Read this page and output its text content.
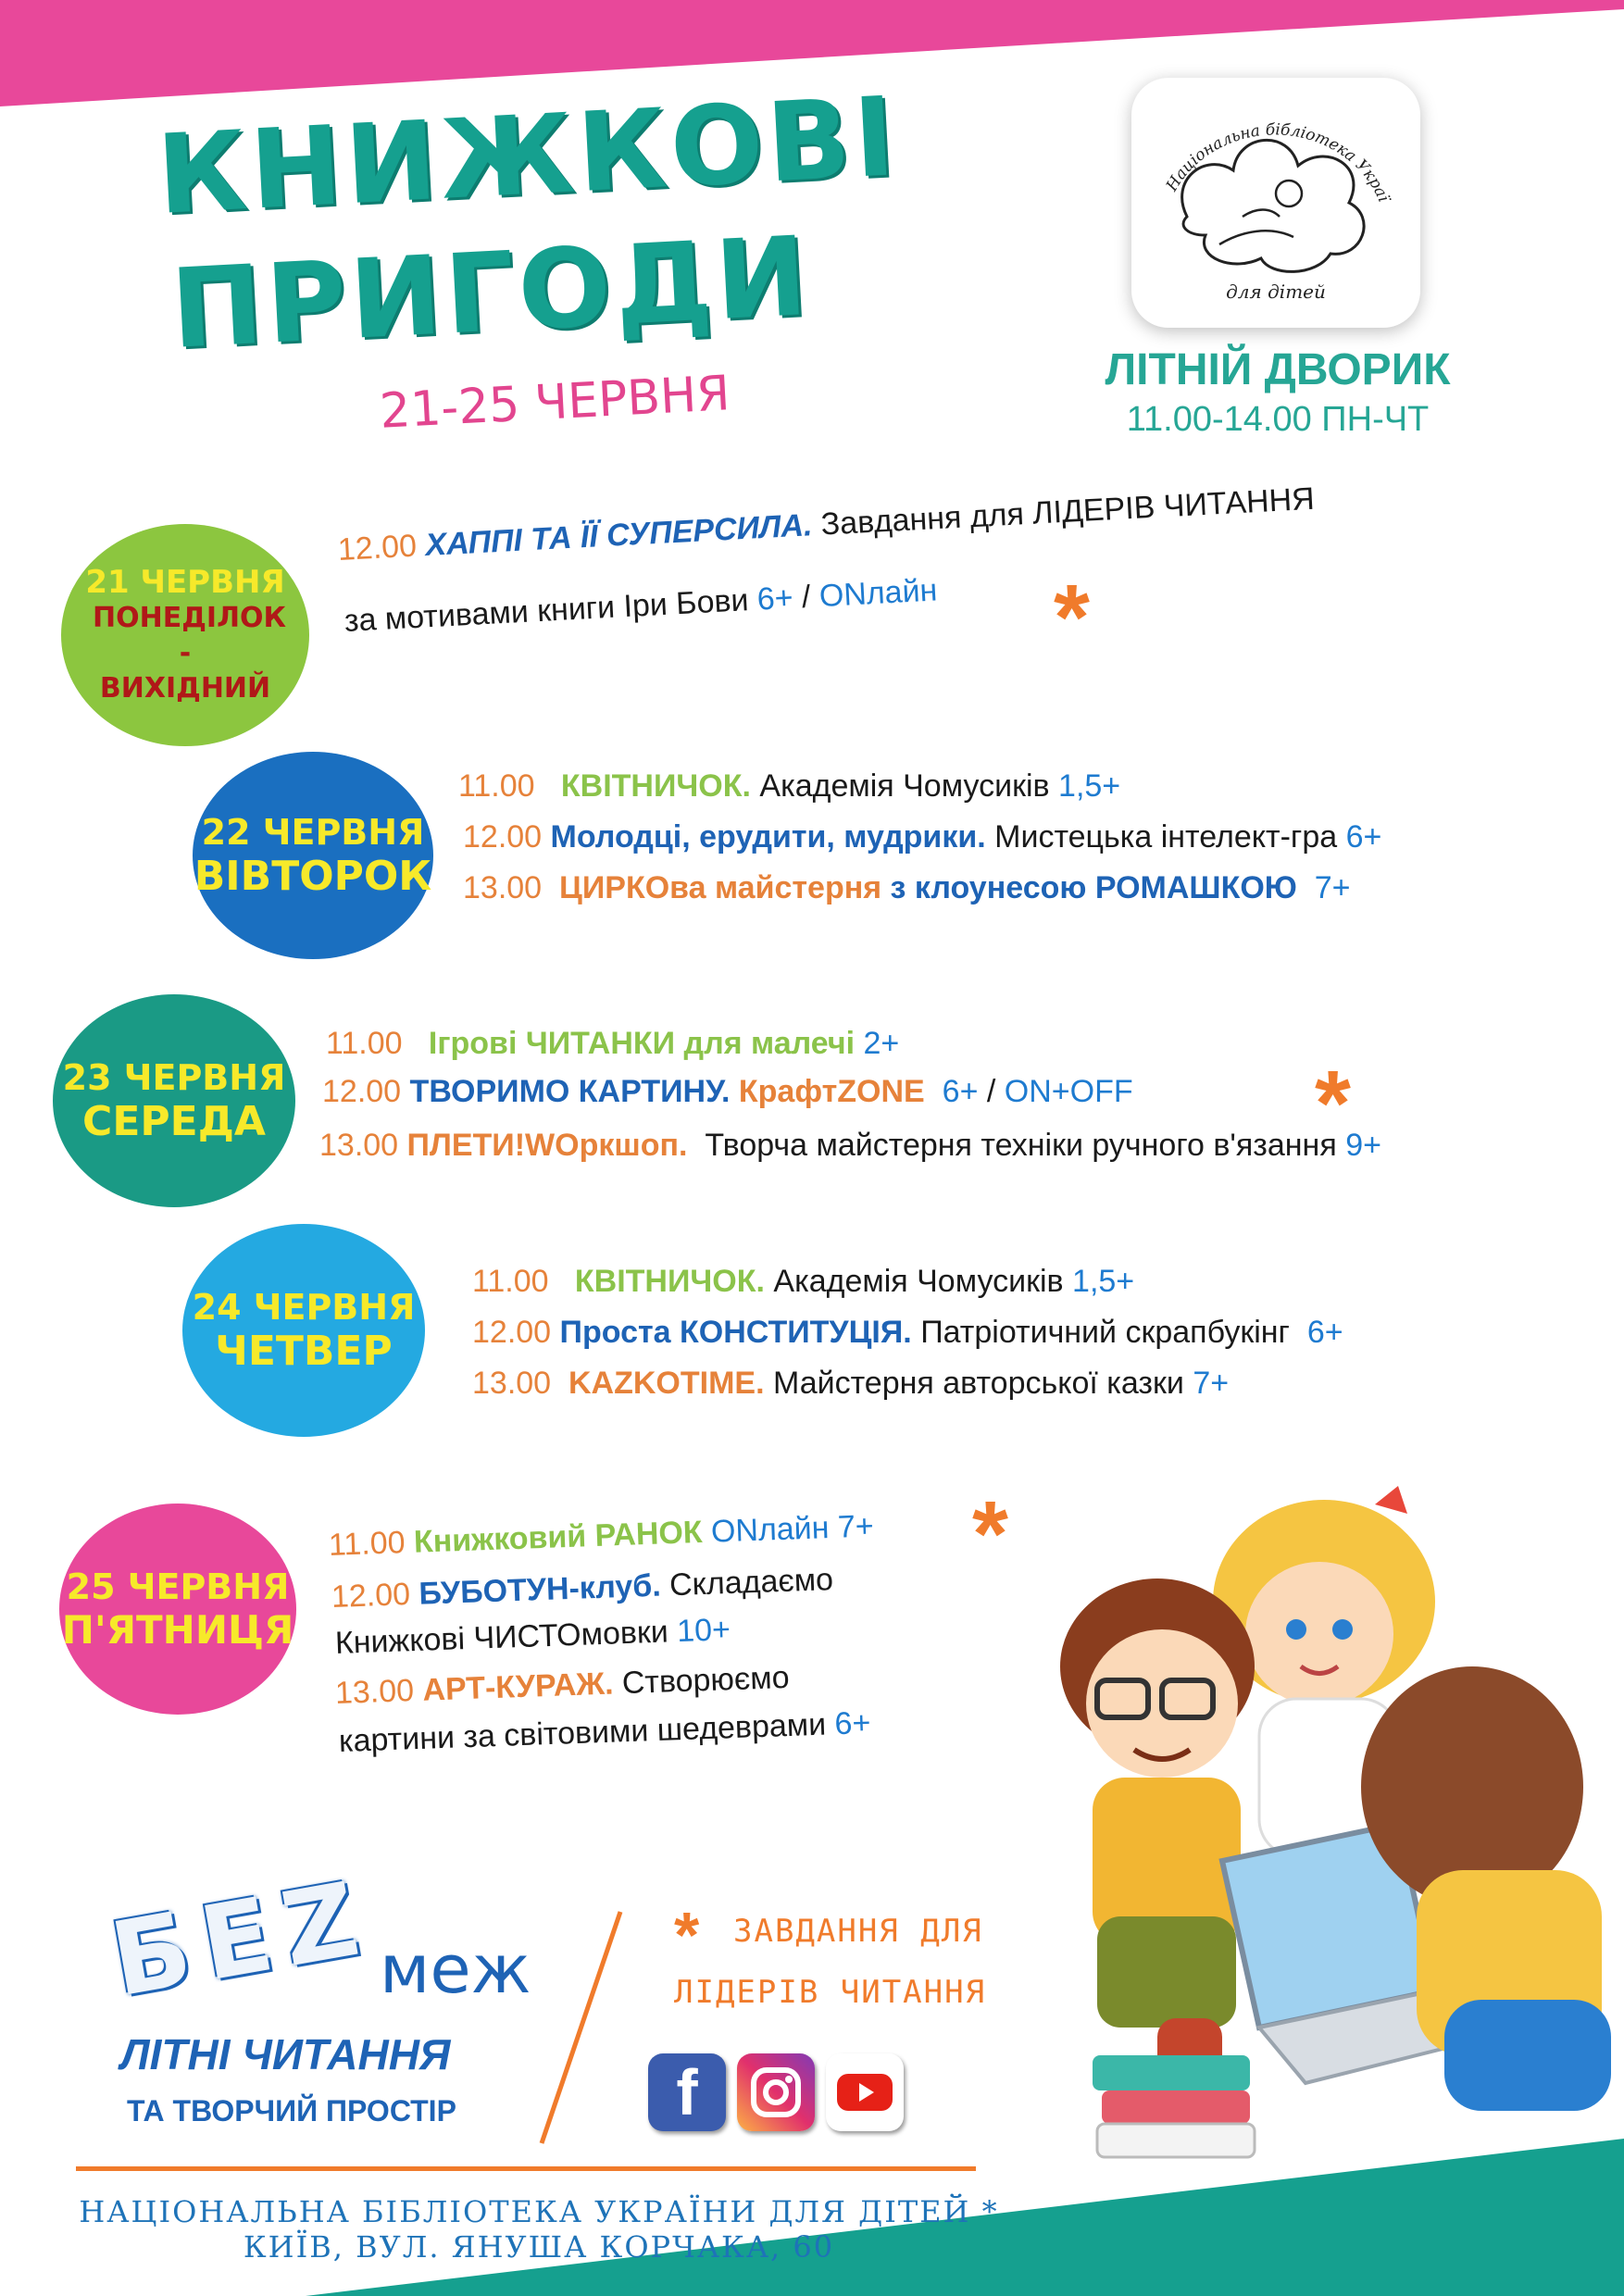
КНИЖКОВІ
ПРИГОДИ
21-25 ЧЕРВНЯ
Національна бібліотека Украї
для дітей
ЛІТНІЙ ДВОРИК
11.00-14.00 ПН-ЧТ
21 ЧЕРВНЯ
ПОНЕДІЛОК - ВИХІДНИЙ
22 ЧЕРВНЯ
ВІВТОРОК
23 ЧЕРВНЯ
СЕРЕДА
24 ЧЕРВНЯ
ЧЕТВЕР
25 ЧЕРВНЯ
П'ЯТНИЦЯ
12.00 ХАППІ ТА ЇЇ СУПЕРСИЛА. Завдання для ЛІДЕРІВ ЧИТАННЯ
за мотивами книги Іри Бови 6+ / ONлайн *
11.00 КВІТНИЧОК. Академія Чомусиків 1,5+
12.00 Молодці, ерудити, мудрики. Мистецька інтелект-гра 6+
13.00 ЦИРКОва майстерня з клоунесою РОМАШКОЮ 7+
11.00 Ігрові ЧИТАНКИ для малечі 2+
12.00 ТВОРИМО КАРТИНУ. КрафтZONE 6+ / ON+OFF *
13.00 ПЛЕТИ!WOркшоп. Творча майстерня техніки ручного в'язання 9+
11.00 КВІТНИЧОК. Академія Чомусиків 1,5+
12.00 Проста КОНСТИТУЦІЯ. Патріотичний скрапбукінг 6+
13.00 KAZKOTIME. Майстерня авторської казки 7+
11.00 Книжковий РАНОК ONлайн 7+ *
12.00 БУБОТУН-клуб. Складаємо
Книжкові ЧИСТОмовки 10+
13.00 АРТ-КУРАЖ. Створюємо
картини за світовими шедеврами 6+
БЕZ меж
ЛІТНІ ЧИТАННЯ
ТА ТВОРЧИЙ ПРОСТІР
* ЗАВДАННЯ ДЛЯ
ЛІДЕРІВ ЧИТАННЯ
f
НАЦІОНАЛЬНА БІБЛІОТЕКА УКРАЇНИ ДЛЯ ДІТЕЙ * КИЇВ, ВУЛ. ЯНУША КОРЧАКА, 60
